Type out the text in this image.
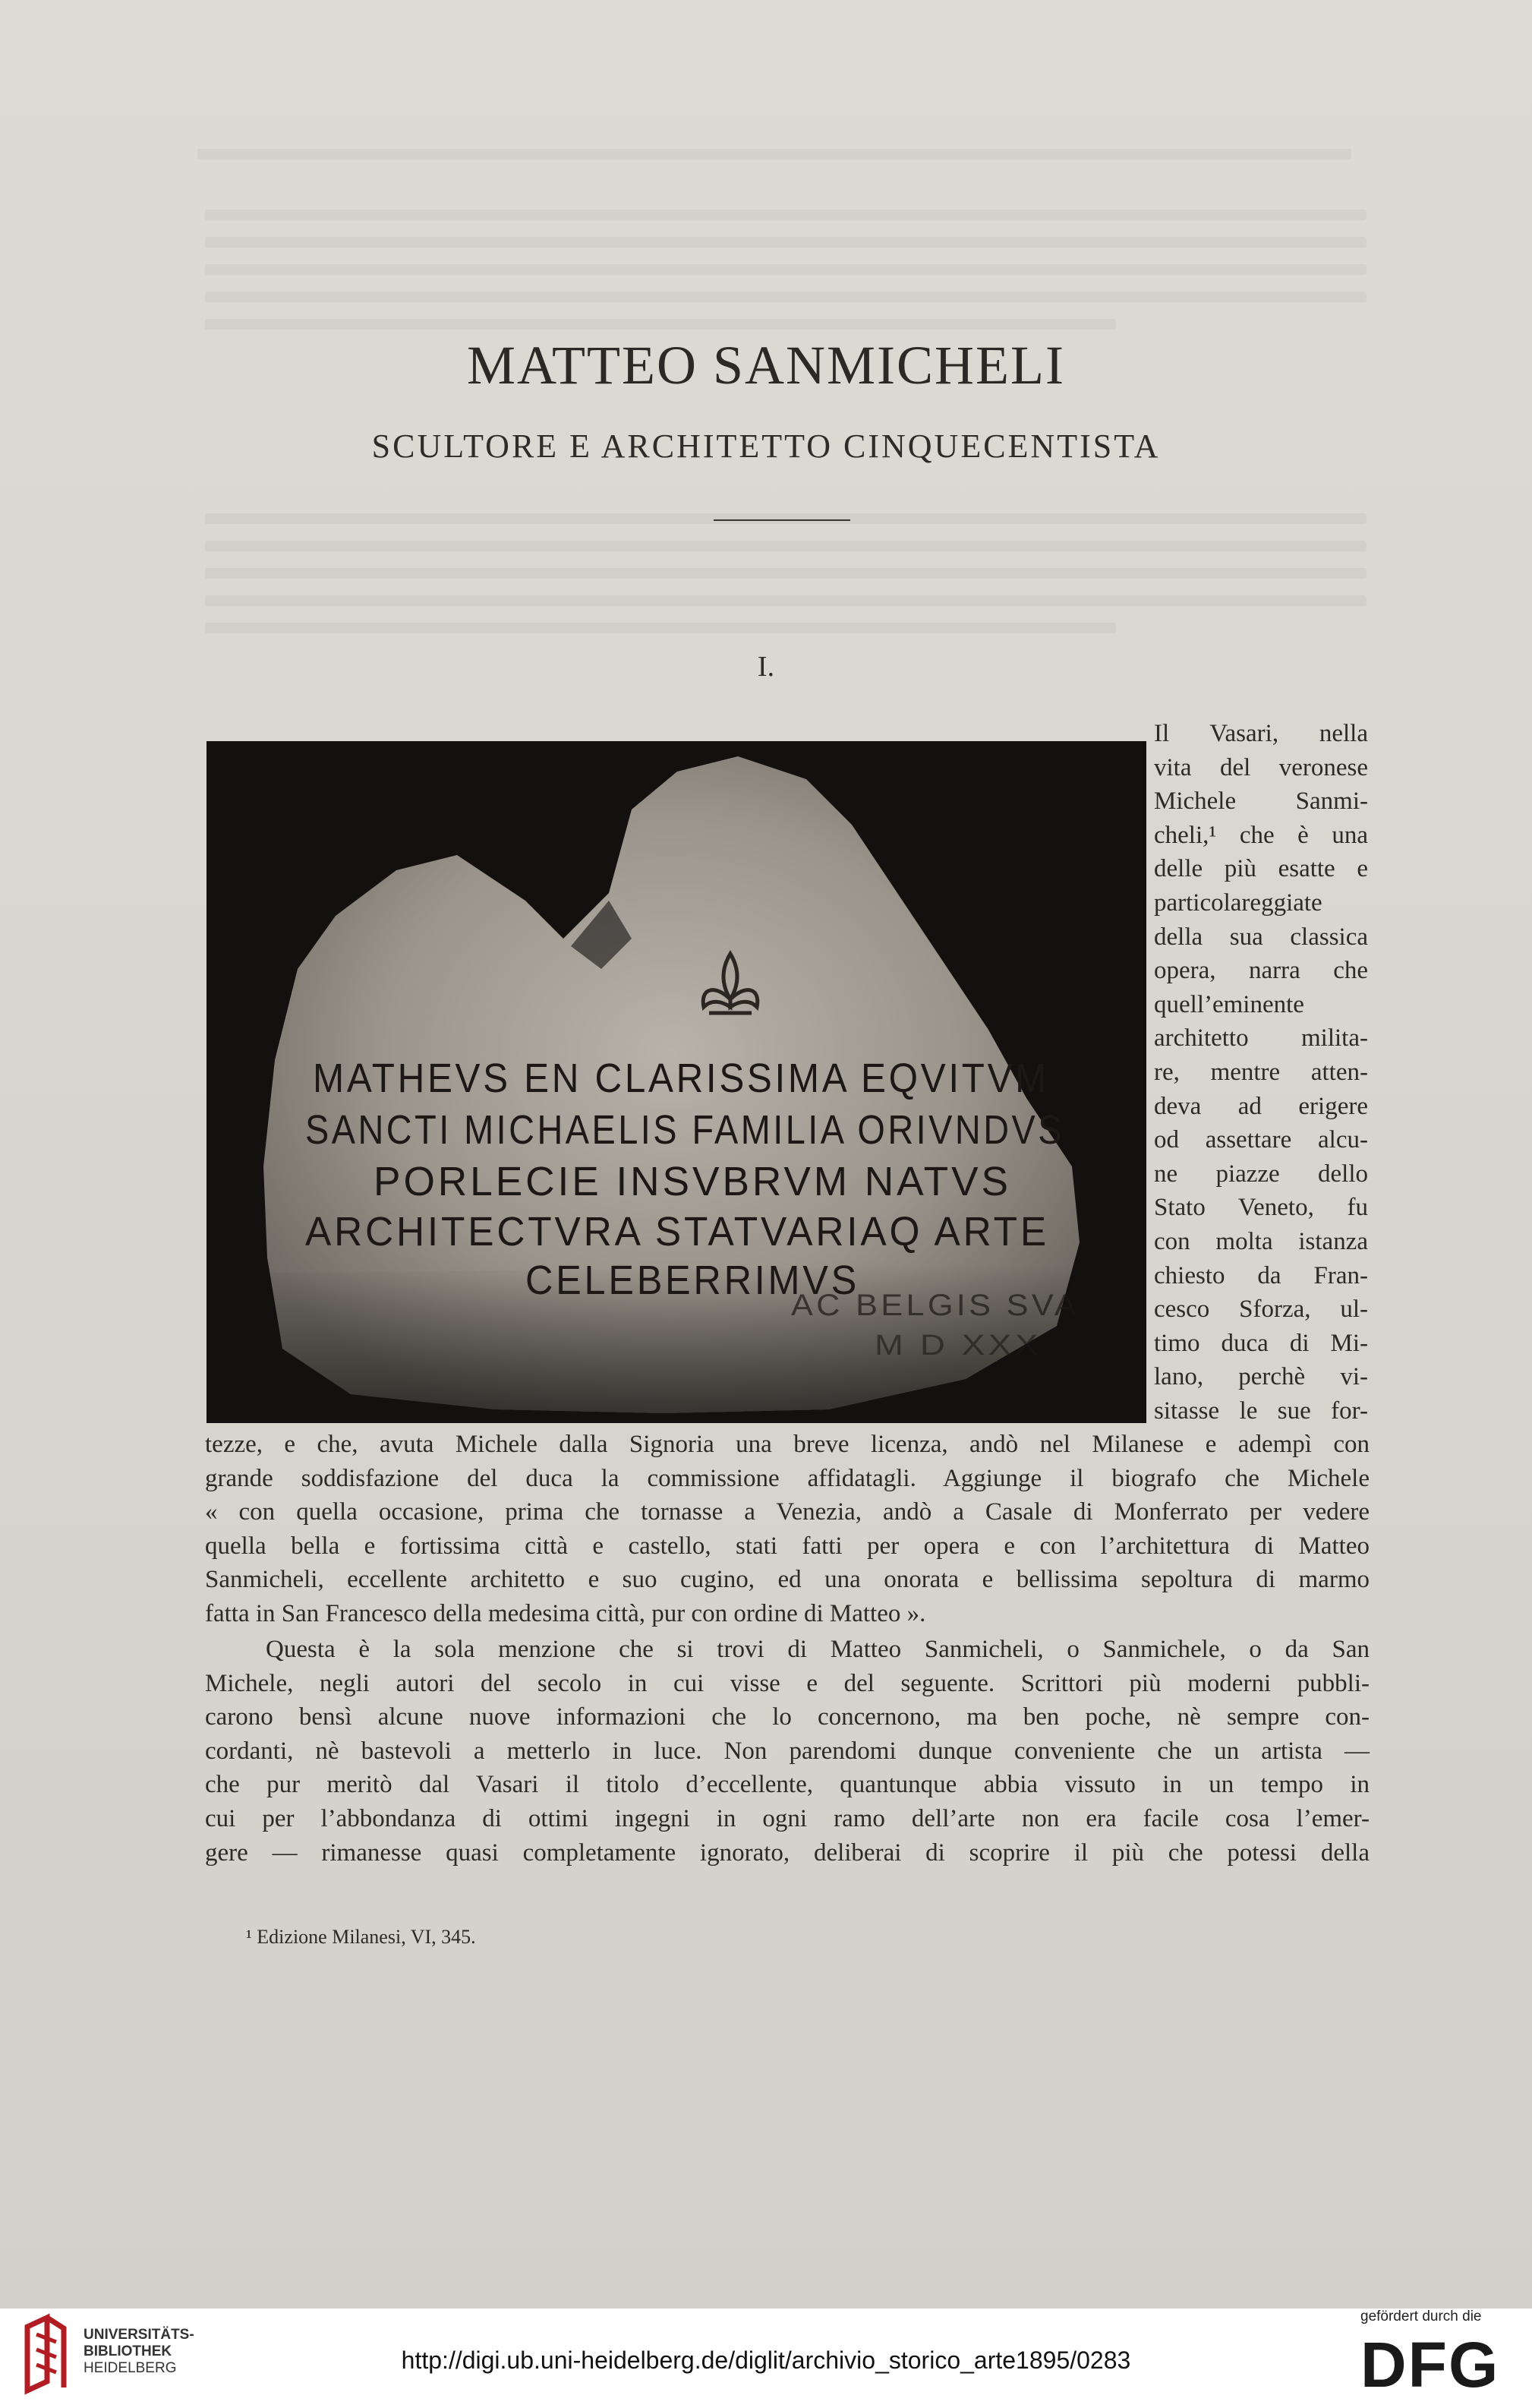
MATTEO SANMICHELI
SCULTORE E ARCHITETTO CINQUECENTISTA
I.
MATHEVS EN CLARISSIMA EQVITVM
SANCTI MICHAELIS FAMILIA ORIVNDVS
PORLECIE INSVBRVM NATVS
ARCHITECTVRA STATVARIAQ ARTE
CELEBERRIMVS
AC BELGIS SVA
M D XXX
Il Vasari, nella
vita del veronese
Michele Sanmi-
cheli,¹ che è una
delle più esatte e
particolareggiate
della sua classica
opera, narra che
quell’eminente
architetto milita-
re, mentre atten-
deva ad erigere
od assettare alcu-
ne piazze dello
Stato Veneto, fu
con molta istanza
chiesto da Fran-
cesco Sforza, ul-
timo duca di Mi-
lano, perchè vi-
sitasse le sue for-
tezze, e che, avuta Michele dalla Signoria una breve licenza, andò nel Milanese e adempì con
grande soddisfazione del duca la commissione affidatagli. Aggiunge il biografo che Michele
« con quella occasione, prima che tornasse a Venezia, andò a Casale di Monferrato per vedere
quella bella e fortissima città e castello, stati fatti per opera e con l’architettura di Matteo
Sanmicheli, eccellente architetto e suo cugino, ed una onorata e bellissima sepoltura di marmo
fatta in San Francesco della medesima città, pur con ordine di Matteo ».
Questa è la sola menzione che si trovi di Matteo Sanmicheli, o Sanmichele, o da San
Michele, negli autori del secolo in cui visse e del seguente. Scrittori più moderni pubbli-
carono bensì alcune nuove informazioni che lo concernono, ma ben poche, nè sempre con-
cordanti, nè bastevoli a metterlo in luce. Non parendomi dunque conveniente che un artista —
che pur meritò dal Vasari il titolo d’eccellente, quantunque abbia vissuto in un tempo in
cui per l’abbondanza di ottimi ingegni in ogni ramo dell’arte non era facile cosa l’emer-
gere — rimanesse quasi completamente ignorato, deliberai di scoprire il più che potessi della
¹ Edizione Milanesi, VI, 345.
UNIVERSITÄTS-
BIBLIOTHEK
HEIDELBERG	http://digi.ub.uni-heidelberg.de/diglit/archivio_storico_arte1895/0283
gefördert durch die
DFG
